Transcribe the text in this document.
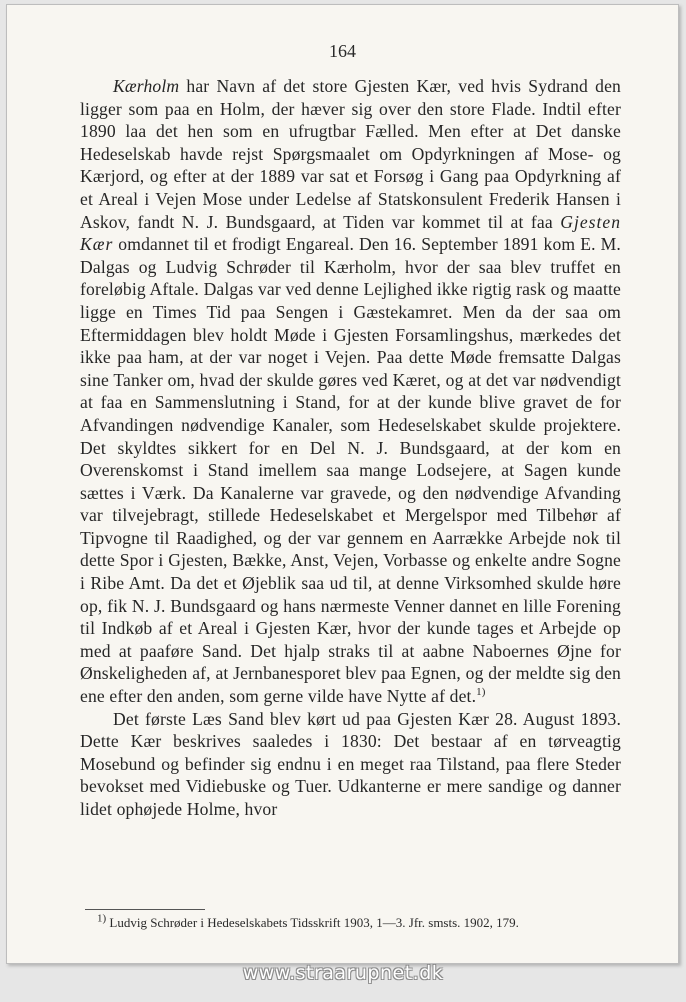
164

Kærholm har Navn af det store Gjesten Kær, ved hvis Sydrand den ligger som paa en Holm, der hæver sig over den store Flade. Indtil efter 1890 laa det hen som en ufrugtbar Fælled. Men efter at Det danske Hedeselskab havde rejst Spørgsmaalet om Opdyrkningen af Mose- og Kærjord, og efter at der 1889 var sat et Forsøg i Gang paa Opdyrkning af et Areal i Vejen Mose under Ledelse af Statskonsulent Frederik Hansen i Askov, fandt N. J. Bundsgaard, at Tiden var kommet til at faa Gjesten Kær omdannet til et frodigt Engareal. Den 16. September 1891 kom E. M. Dalgas og Ludvig Schrøder til Kærholm, hvor der saa blev truffet en foreløbig Aftale. Dalgas var ved denne Lejlighed ikke rigtig rask og maatte ligge en Times Tid paa Sengen i Gæstekamret. Men da der saa om Eftermiddagen blev holdt Møde i Gjesten Forsamlingshus, mærkedes det ikke paa ham, at der var noget i Vejen. Paa dette Møde fremsatte Dalgas sine Tanker om, hvad der skulde gøres ved Kæret, og at det var nødvendigt at faa en Sammenslutning i Stand, for at der kunde blive gravet de for Afvandingen nødvendige Kanaler, som Hedeselskabet skulde projektere. Det skyldtes sikkert for en Del N. J. Bundsgaard, at der kom en Overenskomst i Stand imellem saa mange Lodsejere, at Sagen kunde sættes i Værk. Da Kanalerne var gravede, og den nødvendige Afvanding var tilvejebragt, stillede Hedeselskabet et Mergelspor med Tilbehør af Tipvogne til Raadighed, og der var gennem en Aarrække Arbejde nok til dette Spor i Gjesten, Bække, Anst, Vejen, Vorbasse og enkelte andre Sogne i Ribe Amt. Da det et Øjeblik saa ud til, at denne Virksomhed skulde høre op, fik N. J. Bundsgaard og hans nærmeste Venner dannet en lille Forening til Indkøb af et Areal i Gjesten Kær, hvor der kunde tages et Arbejde op med at paaføre Sand. Det hjalp straks til at aabne Naboernes Øjne for Ønskeligheden af, at Jernbanesporet blev paa Egnen, og der meldte sig den ene efter den anden, som gerne vilde have Nytte af det.$^{1)}$

Det første Læs Sand blev kørt ud paa Gjesten Kær 28. August 1893. Dette Kær beskrives saaledes i 1830: Det bestaar af en tørveagtig Mosebund og befinder sig endnu i en meget raa Tilstand, paa flere Steder bevokset med Vidiebuske og Tuer. Udkanterne er mere sandige og danner lidet ophøjede Holme, hvor

$^{1)}$ Ludvig Schrøder i Hedeselskabets Tidsskrift 1903, 1—3. Jfr. smsts. 1902, 179.
www.straarupnet.dk
